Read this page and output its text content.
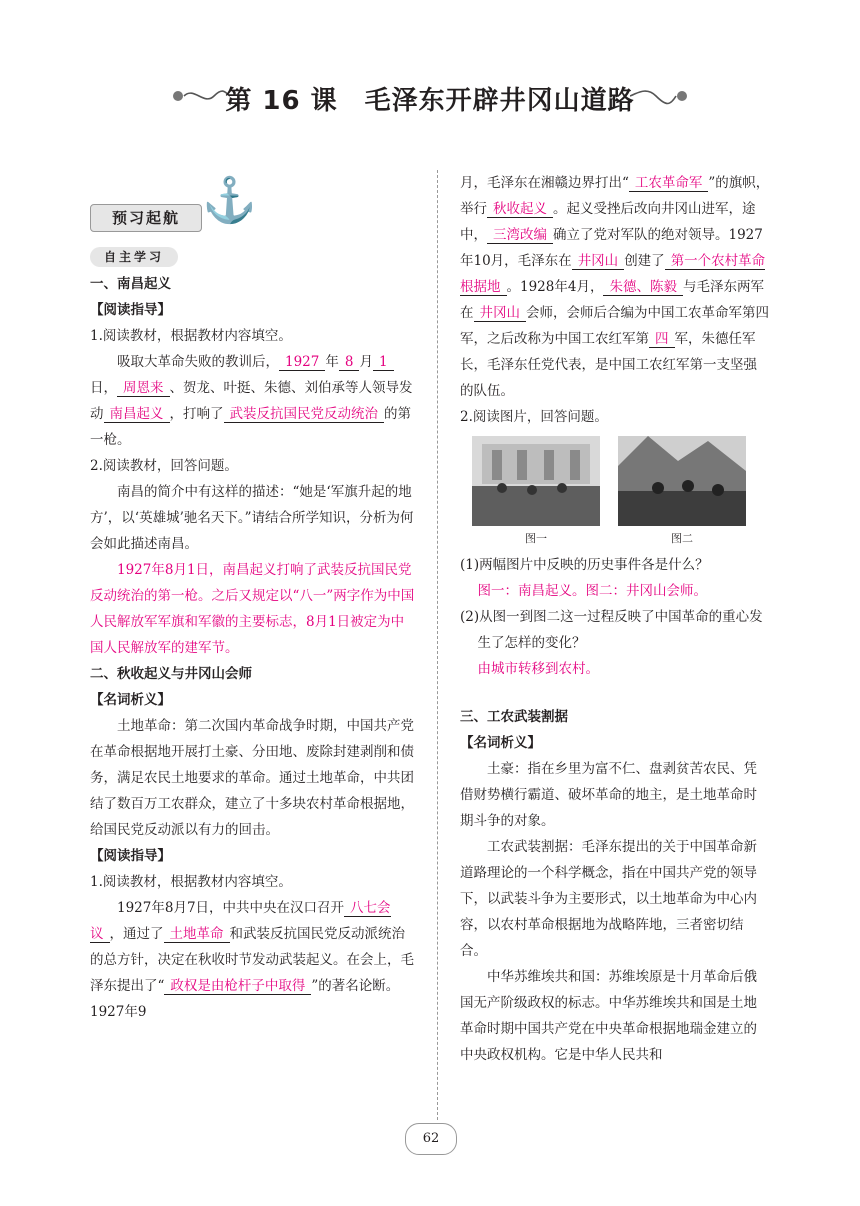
第 16 课　毛泽东开辟井冈山道路
预习起航 ⚓
自主学习

一、南昌起义

【阅读指导】

1.阅读教材，根据教材内容填空。

吸取大革命失败的教训后， 1927 年 8 月 1日， 周恩来 、贺龙、叶挺、朱德、刘伯承等人领导发动 南昌起义 ，打响了 武装反抗国民党反动统治 的第一枪。

2.阅读教材，回答问题。

南昌的简介中有这样的描述：“她是‘军旗升起的地方’，以‘英雄城’驰名天下。”请结合所学知识，分析为何会如此描述南昌。

1927年8月1日，南昌起义打响了武装反抗国民党反动统治的第一枪。之后又规定以“八一”两字作为中国人民解放军军旗和军徽的主要标志，8月1日被定为中国人民解放军的建军节。

二、秋收起义与井冈山会师

【名词析义】

土地革命：第二次国内革命战争时期，中国共产党在革命根据地开展打土豪、分田地、废除封建剥削和债务，满足农民土地要求的革命。通过土地革命，中共团结了数百万工农群众，建立了十多块农村革命根据地，给国民党反动派以有力的回击。

【阅读指导】

1.阅读教材，根据教材内容填空。

1927年8月7日，中共中央在汉口召开 八七会议 ，通过了 土地革命 和武装反抗国民党反动派统治的总方针，决定在秋收时节发动武装起义。在会上，毛泽东提出了“ 政权是由枪杆子中取得 ”的著名论断。1927年9

月，毛泽东在湘赣边界打出“ 工农革命军 ”的旗帜，举行 秋收起义 。起义受挫后改向井冈山进军，途中， 三湾改编 确立了党对军队的绝对领导。1927年10月，毛泽东在 井冈山 创建了 第一个农村革命根据地 。1928年4月， 朱德、陈毅 与毛泽东两军在 井冈山 会师，会师后合编为中国工农革命军第四军，之后改称为中国工农红军第 四 军，朱德任军长，毛泽东任党代表，是中国工农红军第一支坚强的队伍。

2.阅读图片，回答问题。

图一	图二

(1)两幅图片中反映的历史事件各是什么？

图一：南昌起义。图二：井冈山会师。

(2)从图一到图二这一过程反映了中国革命的重心发生了怎样的变化？

由城市转移到农村。

三、工农武装割据

【名词析义】

土豪：指在乡里为富不仁、盘剥贫苦农民、凭借财势横行霸道、破坏革命的地主，是土地革命时期斗争的对象。

工农武装割据：毛泽东提出的关于中国革命新道路理论的一个科学概念，指在中国共产党的领导下，以武装斗争为主要形式，以土地革命为中心内容，以农村革命根据地为战略阵地，三者密切结合。

中华苏维埃共和国：苏维埃原是十月革命后俄国无产阶级政权的标志。中华苏维埃共和国是土地革命时期中国共产党在中央革命根据地瑞金建立的中央政权机构。它是中华人民共和

62
